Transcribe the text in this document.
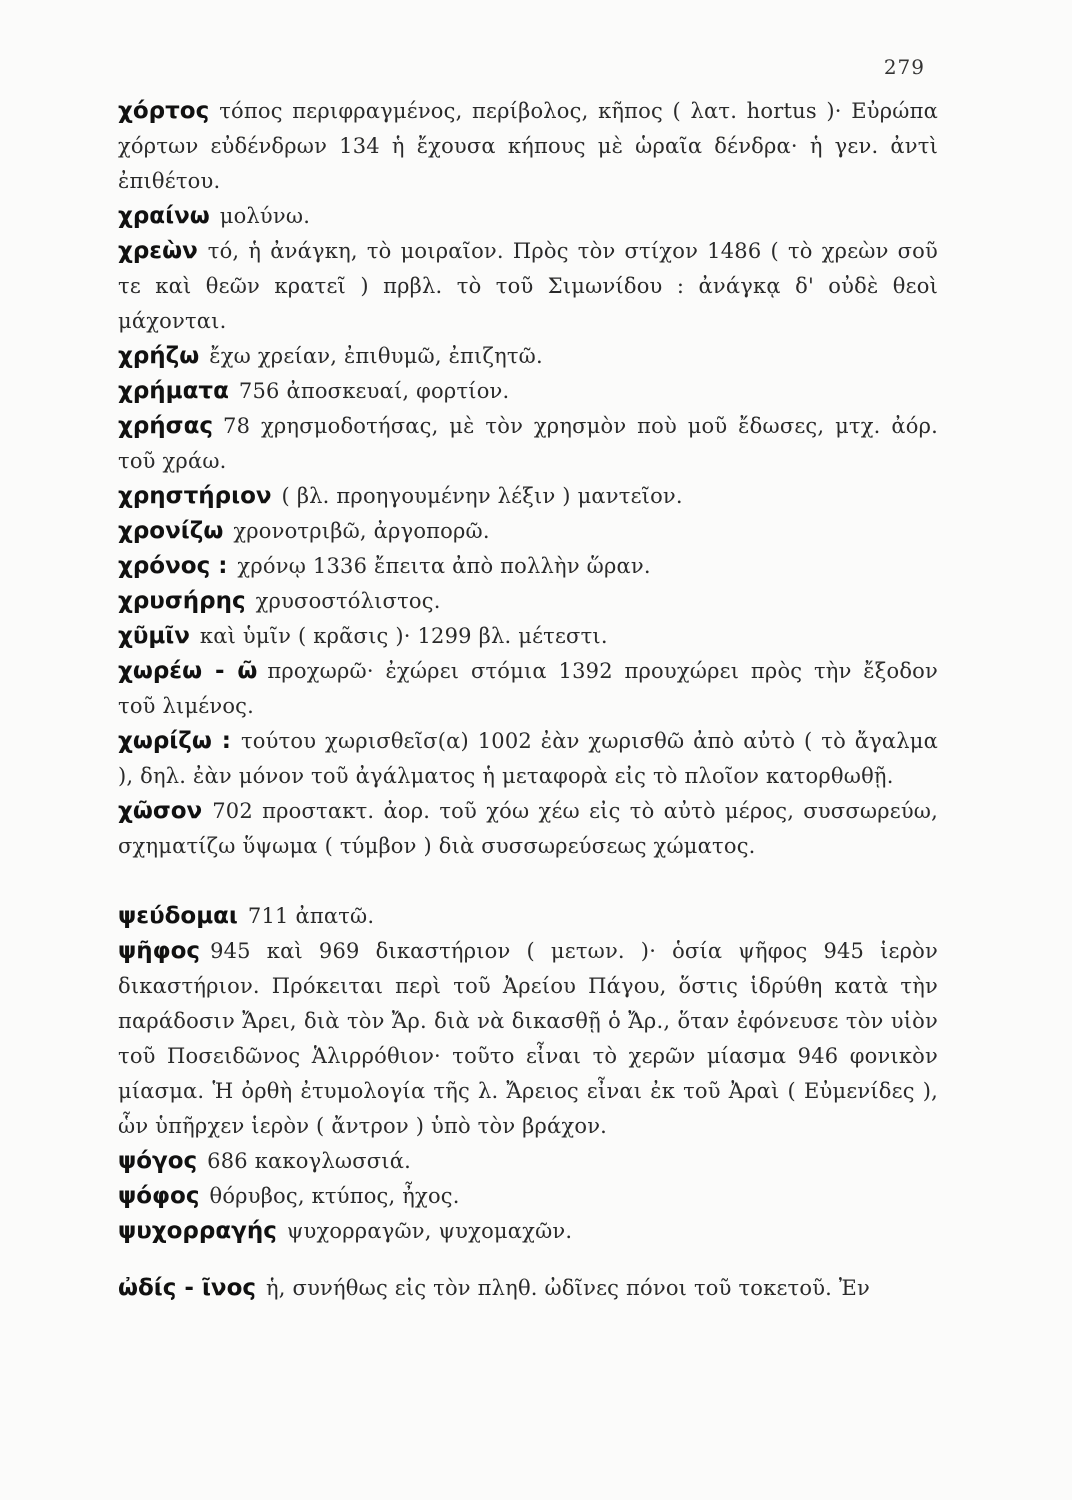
279

χόρτος τόπος περιφραγμένος, περίβολος, κῆπος ( λατ. hortus )· Εὐρώπα χόρτων εὐδένδρων 134 ἡ ἔχουσα κήπους μὲ ὡραῖα δένδρα· ἡ γεν. ἀντὶ ἐπιθέτου.

χραίνω μολύνω.

χρεὼν τό, ἡ ἀνάγκη, τὸ μοιραῖον. Πρὸς τὸν στίχον 1486 ( τὸ χρεὼν σοῦ τε καὶ θεῶν κρατεῖ ) πρβλ. τὸ τοῦ Σιμωνίδου : ἀνάγκᾳ δ' οὐδὲ θεοὶ μάχονται.

χρήζω ἔχω χρείαν, ἐπιθυμῶ, ἐπιζητῶ.

χρήματα 756 ἀποσκευαί, φορτίον.

χρήσας 78 χρησμοδοτήσας, μὲ τὸν χρησμὸν ποὺ μοῦ ἔδωσες, μτχ. ἀόρ. τοῦ χράω.

χρηστήριον ( βλ. προηγουμένην λέξιν ) μαντεῖον.

χρονίζω χρονοτριβῶ, ἀργοπορῶ.

χρόνος : χρόνῳ 1336 ἔπειτα ἀπὸ πολλὴν ὥραν.

χρυσήρης χρυσοστόλιστος.

χῦμῖν καὶ ὑμῖν ( κρᾶσις )· 1299 βλ. μέτεστι.

χωρέω - ῶ προχωρῶ· ἐχώρει στόμια 1392 προυχώρει πρὸς τὴν ἔξοδον τοῦ λιμένος.

χωρίζω : τούτου χωρισθεῖσ(α) 1002 ἐὰν χωρισθῶ ἀπὸ αὐτὸ ( τὸ ἄγαλμα ), δηλ. ἐὰν μόνον τοῦ ἀγάλματος ἡ μεταφορὰ εἰς τὸ πλοῖον κατορθωθῇ.

χῶσον 702 προστακτ. ἀορ. τοῦ χόω χέω εἰς τὸ αὐτὸ μέρος, συσσωρεύω, σχηματίζω ὕψωμα ( τύμβον ) διὰ συσσωρεύσεως χώματος.

ψεύδομαι 711 ἀπατῶ.

ψῆφος 945 καὶ 969 δικαστήριον ( μετων. )· ὁσία ψῆφος 945 ἱερὸν δικαστήριον. Πρόκειται περὶ τοῦ Ἀρείου Πάγου, ὅστις ἱδρύθη κατὰ τὴν παράδοσιν Ἄρει, διὰ τὸν Ἄρ. διὰ νὰ δικασθῇ ὁ Ἄρ., ὅταν ἐφόνευσε τὸν υἱὸν τοῦ Ποσειδῶνος Ἁλιρρόθιον· τοῦτο εἶναι τὸ χερῶν μίασμα 946 φονικὸν μίασμα. Ἡ ὀρθὴ ἐτυμολογία τῆς λ. Ἄρειος εἶναι ἐκ τοῦ Ἀραὶ ( Εὐμενίδες ), ὧν ὑπῆρχεν ἱερὸν ( ἄντρον ) ὑπὸ τὸν βράχον.

ψόγος 686 κακογλωσσιά.

ψόφος θόρυβος, κτύπος, ἦχος.

ψυχορραγής ψυχορραγῶν, ψυχομαχῶν.

ὠδίς - ῖνος ἡ, συνήθως εἰς τὸν πληθ. ὠδῖνες πόνοι τοῦ τοκετοῦ. Ἐν
